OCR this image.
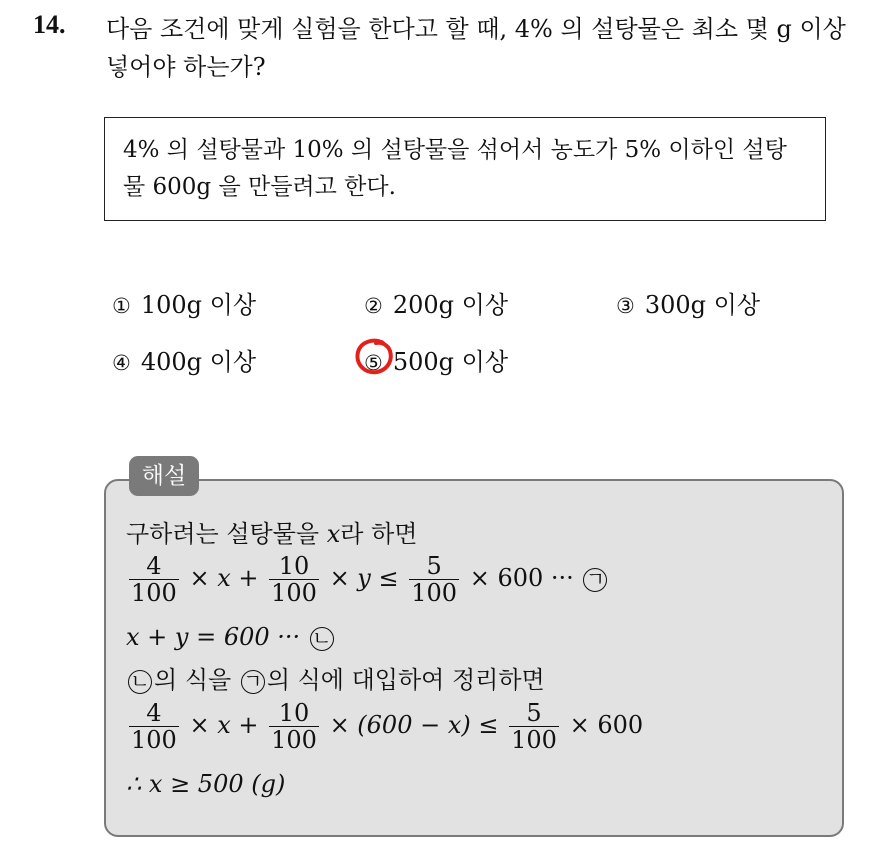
14. 다음 조건에 맞게 실험을 한다고 할 때, 4% 의 설탕물은 최소 몇 g 이상 넣어야 하는가?
4% 의 설탕물과 10% 의 설탕물을 섞어서 농도가 5% 이하인 설탕물 600g 을 만들려고 한다.
① 100g 이상	② 200g 이상	③ 300g 이상
④ 400g 이상	⑤ 500g 이상
해설
구하려는 설탕물을 x라 하면
$\frac{4}{100} \times x + \frac{10}{100} \times y \le \frac{5}{100} \times 600$ ··· ㄱ
x + y = 600 ··· ㄴ
ㄴ 의 식을 ㄱ 의 식에 대입하여 정리하면
$\frac{4}{100} \times x + \frac{10}{100} \times (600 - x) \le \frac{5}{100} \times 600$
∴ x ≥ 500 (g)
